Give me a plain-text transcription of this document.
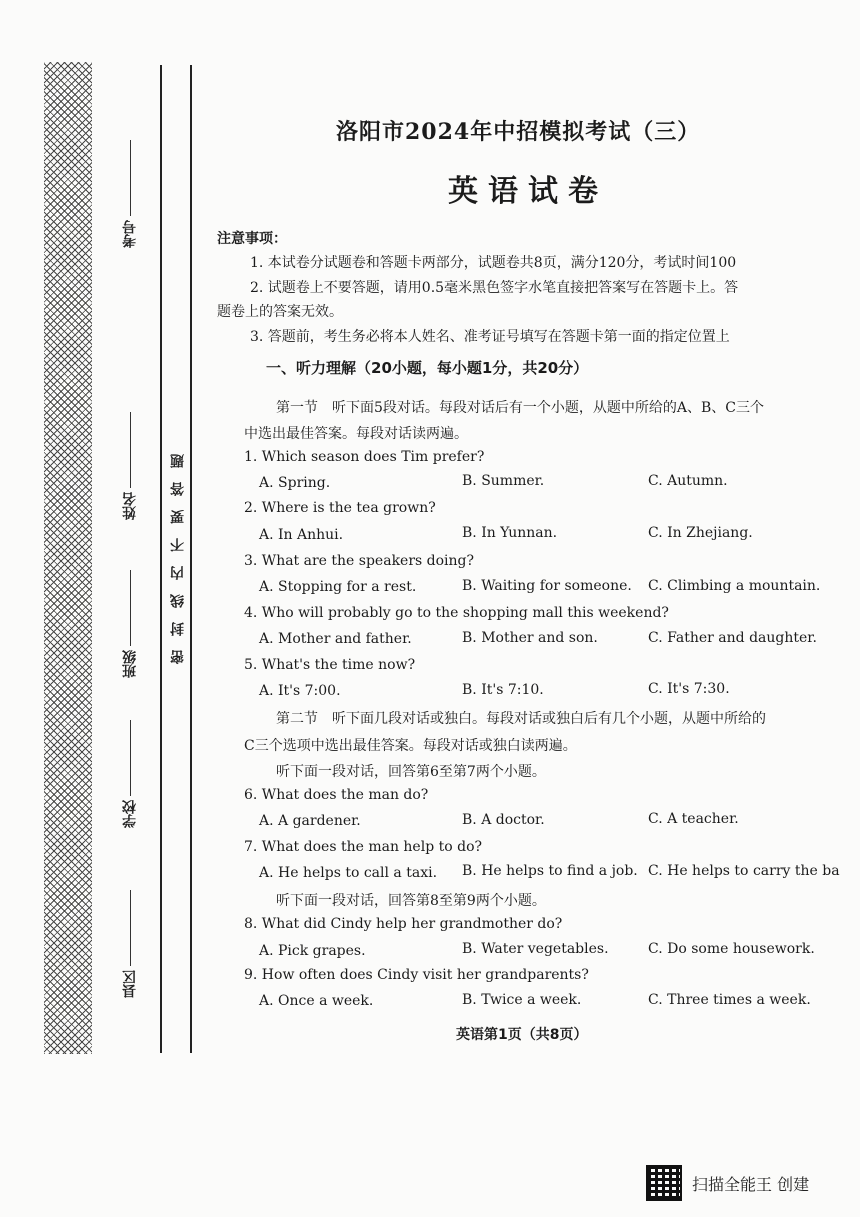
考号
姓名
班级
学校
县区
密封线内不要答题
洛阳市2024年中招模拟考试（三）
英语试卷
注意事项：
1. 本试卷分试题卷和答题卡两部分，试题卷共8页，满分120分，考试时间100
2. 试题卷上不要答题，请用0.5毫米黑色签字水笔直接把答案写在答题卡上。答
题卷上的答案无效。
3. 答题前，考生务必将本人姓名、准考证号填写在答题卡第一面的指定位置上
一、听力理解（20小题，每小题1分，共20分）
第一节　听下面5段对话。每段对话后有一个小题，从题中所给的A、B、C三个
中选出最佳答案。每段对话读两遍。
1. Which season does Tim prefer?
A. Spring.	B. Summer.	C. Autumn.
2. Where is the tea grown?
A. In Anhui.	B. In Yunnan.	C. In Zhejiang.
3. What are the speakers doing?
A. Stopping for a rest.	B. Waiting for someone. C. Climbing a mountain.
4. Who will probably go to the shopping mall this weekend?
A. Mother and father.	B. Mother and son.	C. Father and daughter.
5. What's the time now?
A. It's 7:00.	B. It's 7:10.	C. It's 7:30.
第二节　听下面几段对话或独白。每段对话或独白后有几个小题，从题中所给的
C三个选项中选出最佳答案。每段对话或独白读两遍。
听下面一段对话，回答第6至第7两个小题。
6. What does the man do?
A. A gardener.	B. A doctor.	C. A teacher.
7. What does the man help to do?
A. He helps to call a taxi. B. He helps to find a job. C. He helps to carry the ba
听下面一段对话，回答第8至第9两个小题。
8. What did Cindy help her grandmother do?
A. Pick grapes.	B. Water vegetables.	C. Do some housework.
9. How often does Cindy visit her grandparents?
A. Once a week.	B. Twice a week.	C. Three times a week.
英语第1页（共8页）
扫描全能王 创建
